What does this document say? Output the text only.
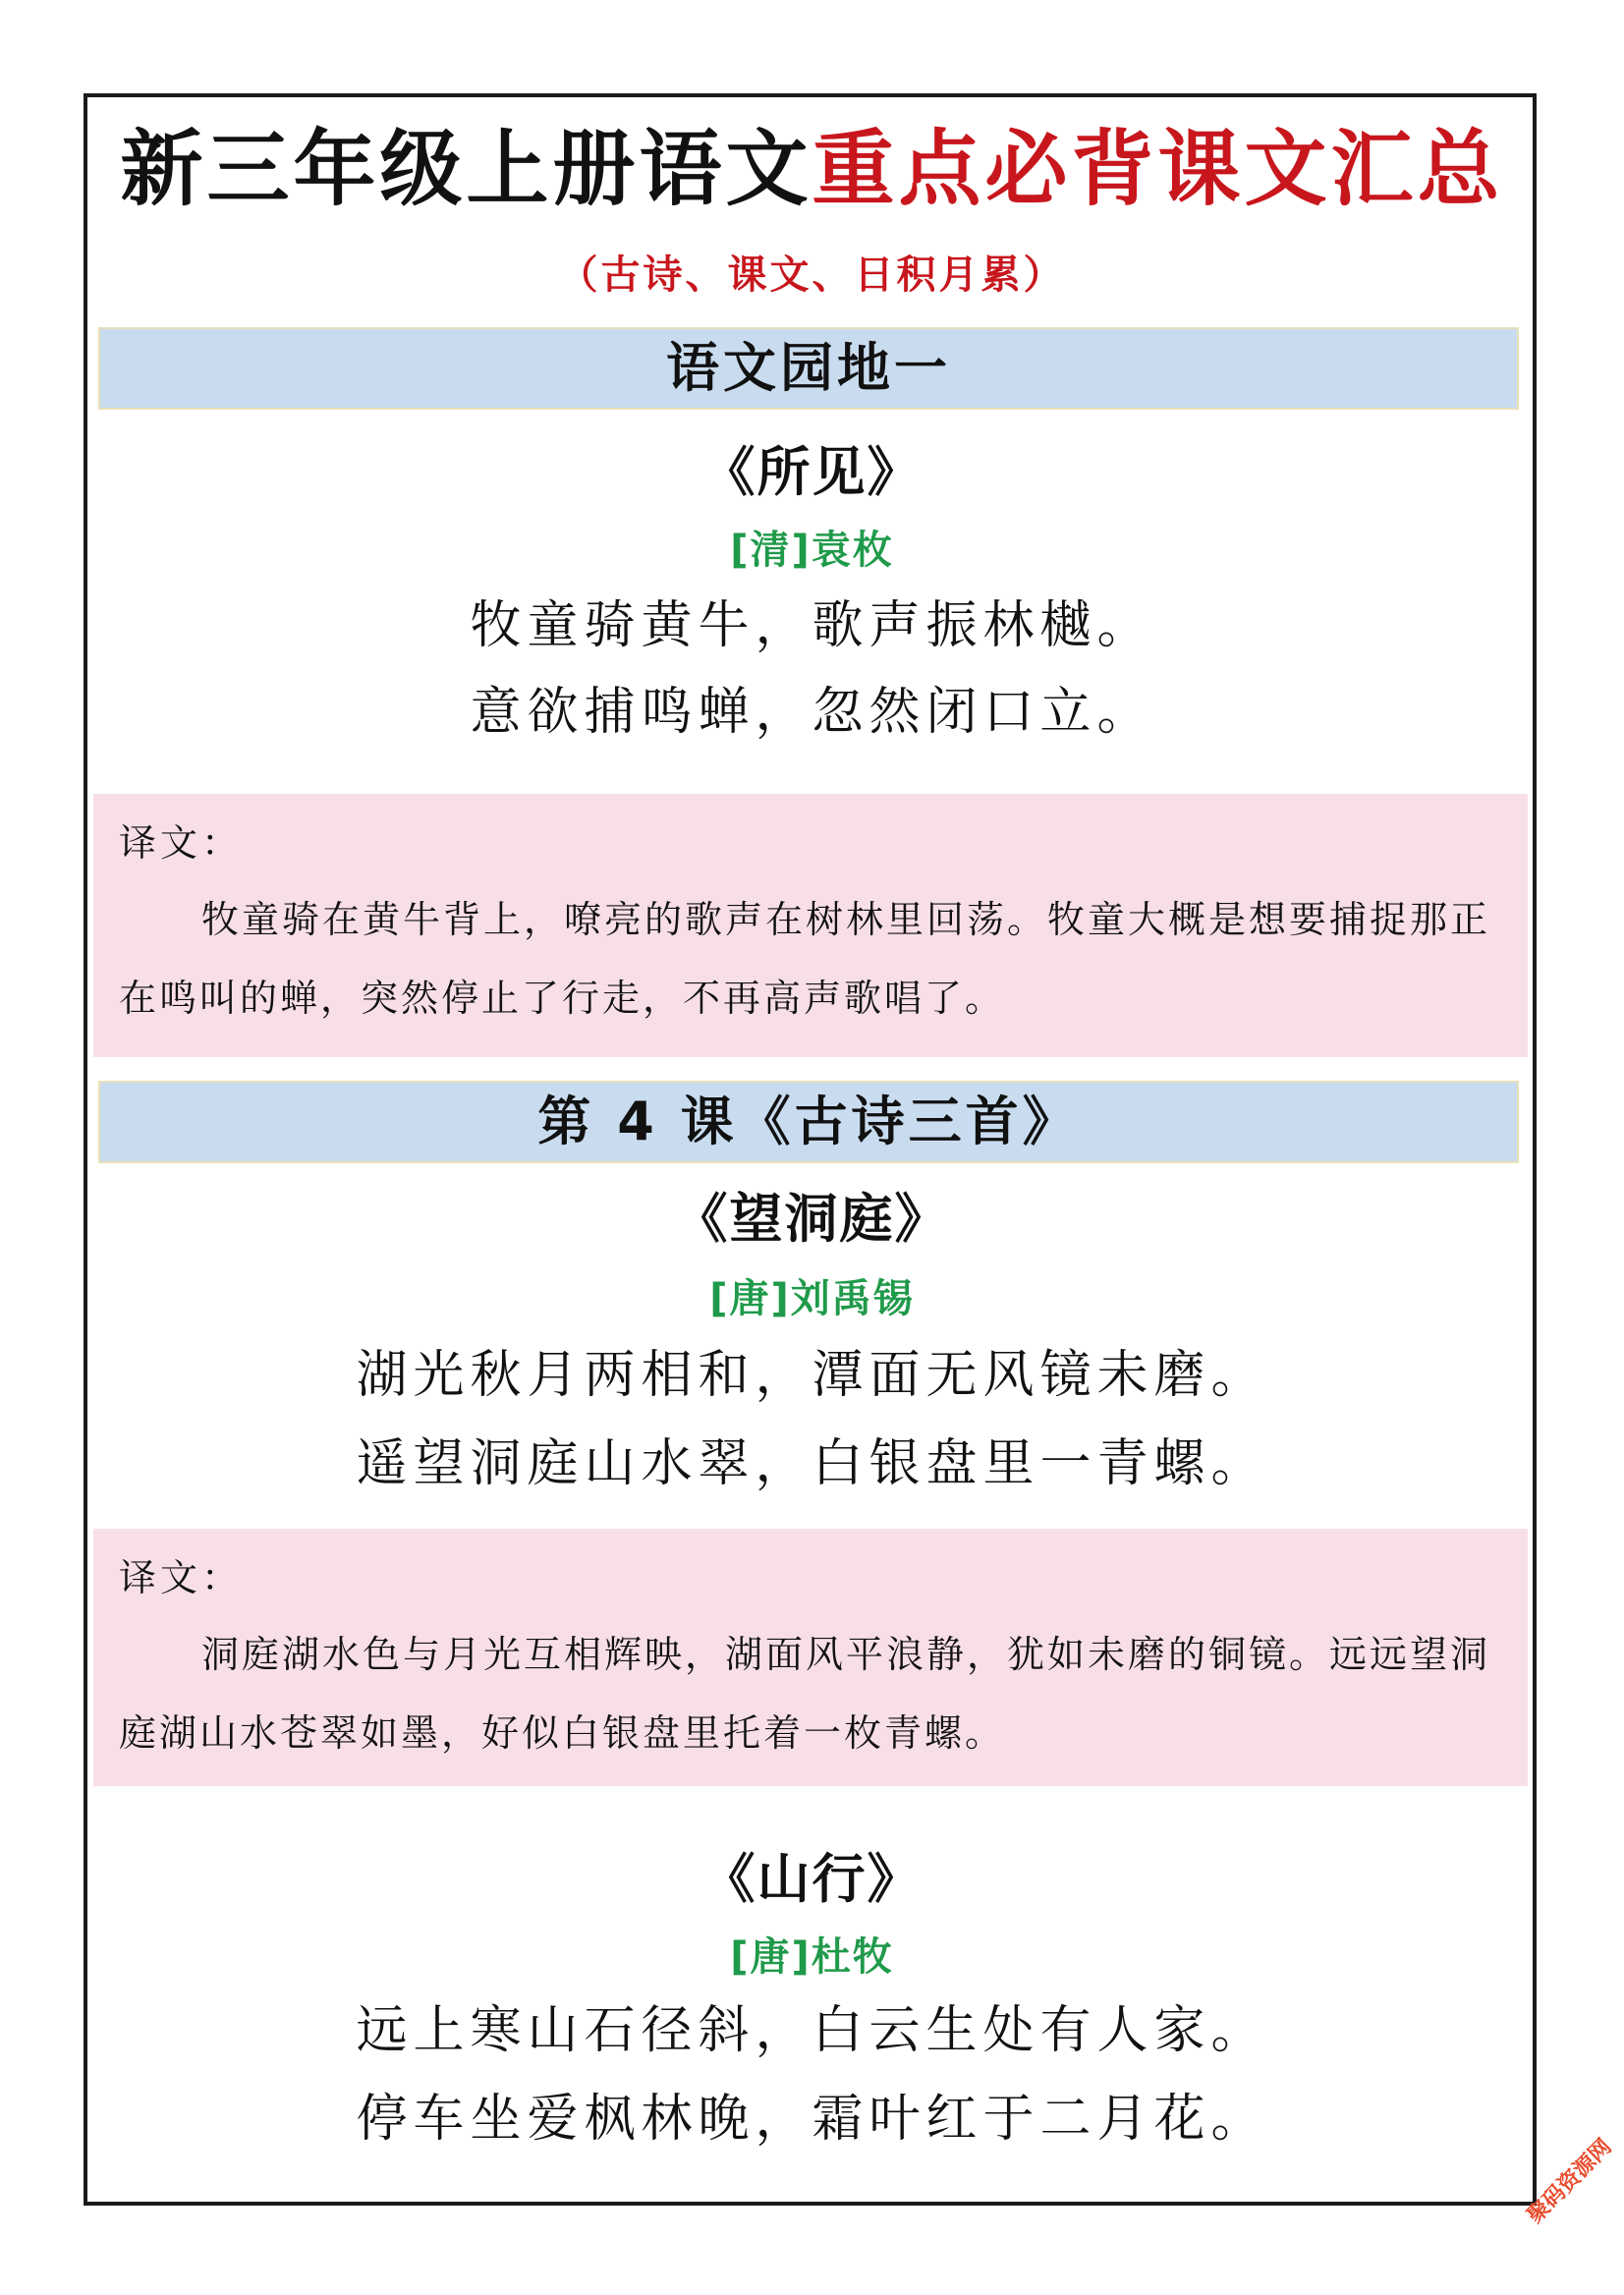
新三年级上册语文重点必背课文汇总
（古诗、课文、日积月累）
语文园地一
《所见》
[清]袁枚
牧童骑黄牛，歌声振林樾。
意欲捕鸣蝉，忽然闭口立。
译文：
牧童骑在黄牛背上，嘹亮的歌声在树林里回荡。牧童大概是想要捕捉那正在鸣叫的蝉，突然停止了行走，不再高声歌唱了。
第 4 课《古诗三首》
《望洞庭》
[唐]刘禹锡
湖光秋月两相和，潭面无风镜未磨。
遥望洞庭山水翠，白银盘里一青螺。
译文：
洞庭湖水色与月光互相辉映，湖面风平浪静，犹如未磨的铜镜。远远望洞庭湖山水苍翠如墨，好似白银盘里托着一枚青螺。
《山行》
[唐]杜牧
远上寒山石径斜，白云生处有人家。
停车坐爱枫林晚，霜叶红于二月花。
聚码资源网
